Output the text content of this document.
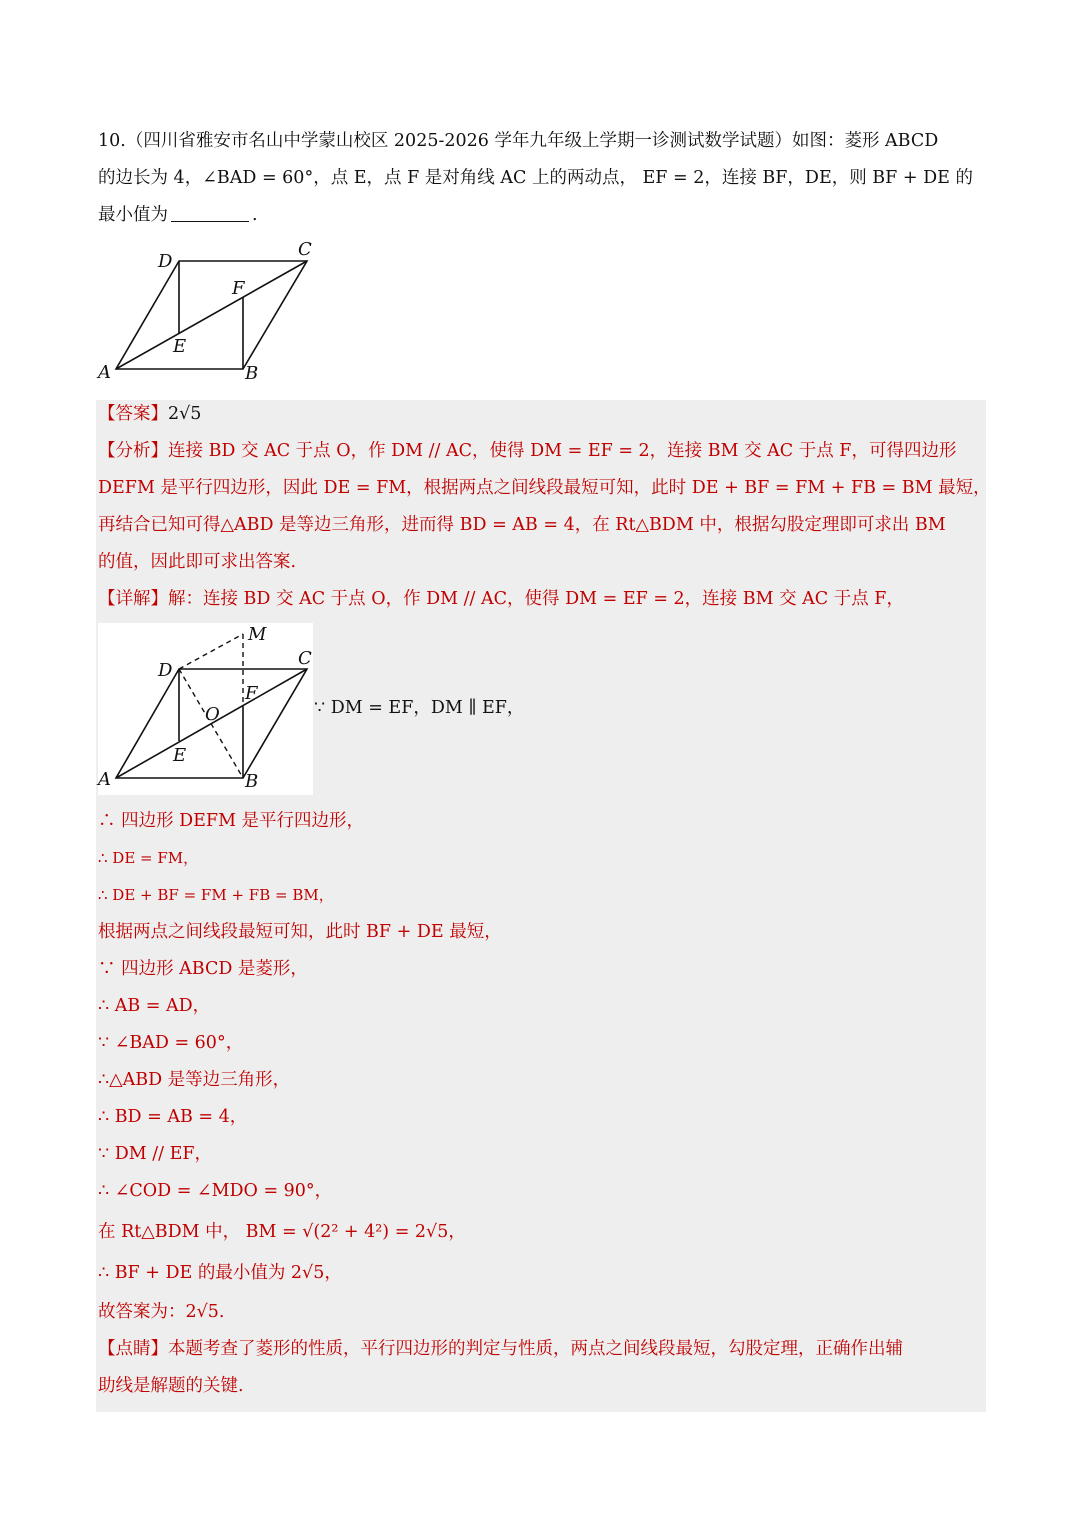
10.（四川省雅安市名山中学蒙山校区 2025-2026 学年九年级上学期一诊测试数学试题）如图：菱形 ABCD
的边长为 4，∠BAD = 60°，点 E，点 F 是对角线 AC 上的两动点， EF = 2，连接 BF，DE，则 BF + DE 的
最小值为	.
A	B
C
D
E
F
【答案】2√5
【分析】连接 BD 交 AC 于点 O，作 DM // AC，使得 DM = EF = 2，连接 BM 交 AC 于点 F，可得四边形
DEFM 是平行四边形，因此 DE = FM，根据两点之间线段最短可知，此时 DE + BF = FM + FB = BM 最短，
再结合已知可得△ABD 是等边三角形，进而得 BD = AB = 4，在 Rt△BDM 中，根据勾股定理即可求出 BM
的值，因此即可求出答案.
【详解】解：连接 BD 交 AC 于点 O，作 DM // AC，使得 DM = EF = 2，连接 BM 交 AC 于点 F，
A	B
C
D
E
F
O
M
∵ DM = EF，DM ∥ EF，
∴ 四边形 DEFM 是平行四边形，
∴ DE = FM，
∴ DE + BF = FM + FB = BM，
根据两点之间线段最短可知，此时 BF + DE 最短，
∵ 四边形 ABCD 是菱形，
∴ AB = AD，
∵ ∠BAD = 60°，
∴△ABD 是等边三角形，
∴ BD = AB = 4，
∵ DM // EF，
∴ ∠COD = ∠MDO = 90°，
在 Rt△BDM 中， BM = √(2² + 4²) = 2√5，
∴ BF + DE 的最小值为 2√5，
故答案为：2√5.
【点睛】本题考查了菱形的性质，平行四边形的判定与性质，两点之间线段最短，勾股定理，正确作出辅
助线是解题的关键.
